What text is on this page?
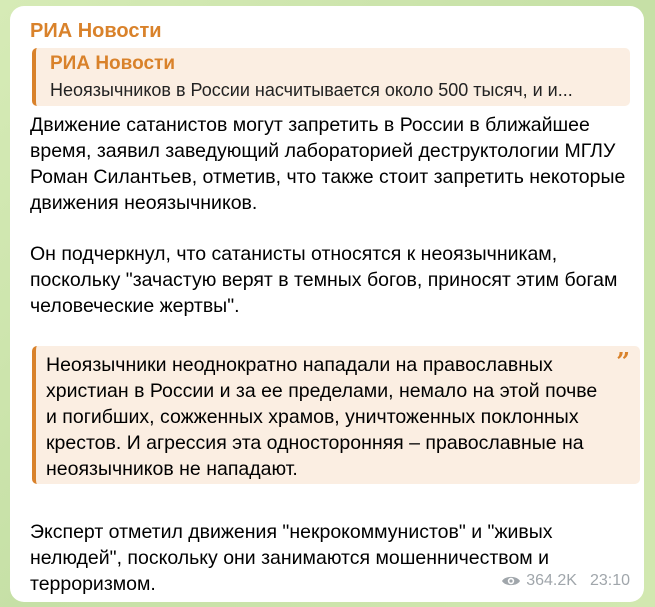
РИА Новости
РИА Новости
Неоязычников в России насчитывается около 500 тысяч, и и...
Движение сатанистов могут запретить в России в ближайшее время, заявил заведующий лабораторией деструктологии МГЛУ Роман Силантьев, отметив, что также стоит запретить некоторые движения неоязычников.
Он подчеркнул, что сатанисты относятся к неоязычникам, поскольку "зачастую верят в темных богов, приносят этим богам человеческие жертвы".
Неоязычники неоднократно нападали на православных христиан в России и за ее пределами, немало на этой почве и погибших, сожженных храмов, уничтоженных поклонных крестов. И агрессия эта односторонняя – православные на неоязычников не нападают.
”
Эксперт отметил движения "некрокоммунистов" и "живых нелюдей", поскольку они занимаются мошенничеством и терроризмом.	364.2K 23:10
